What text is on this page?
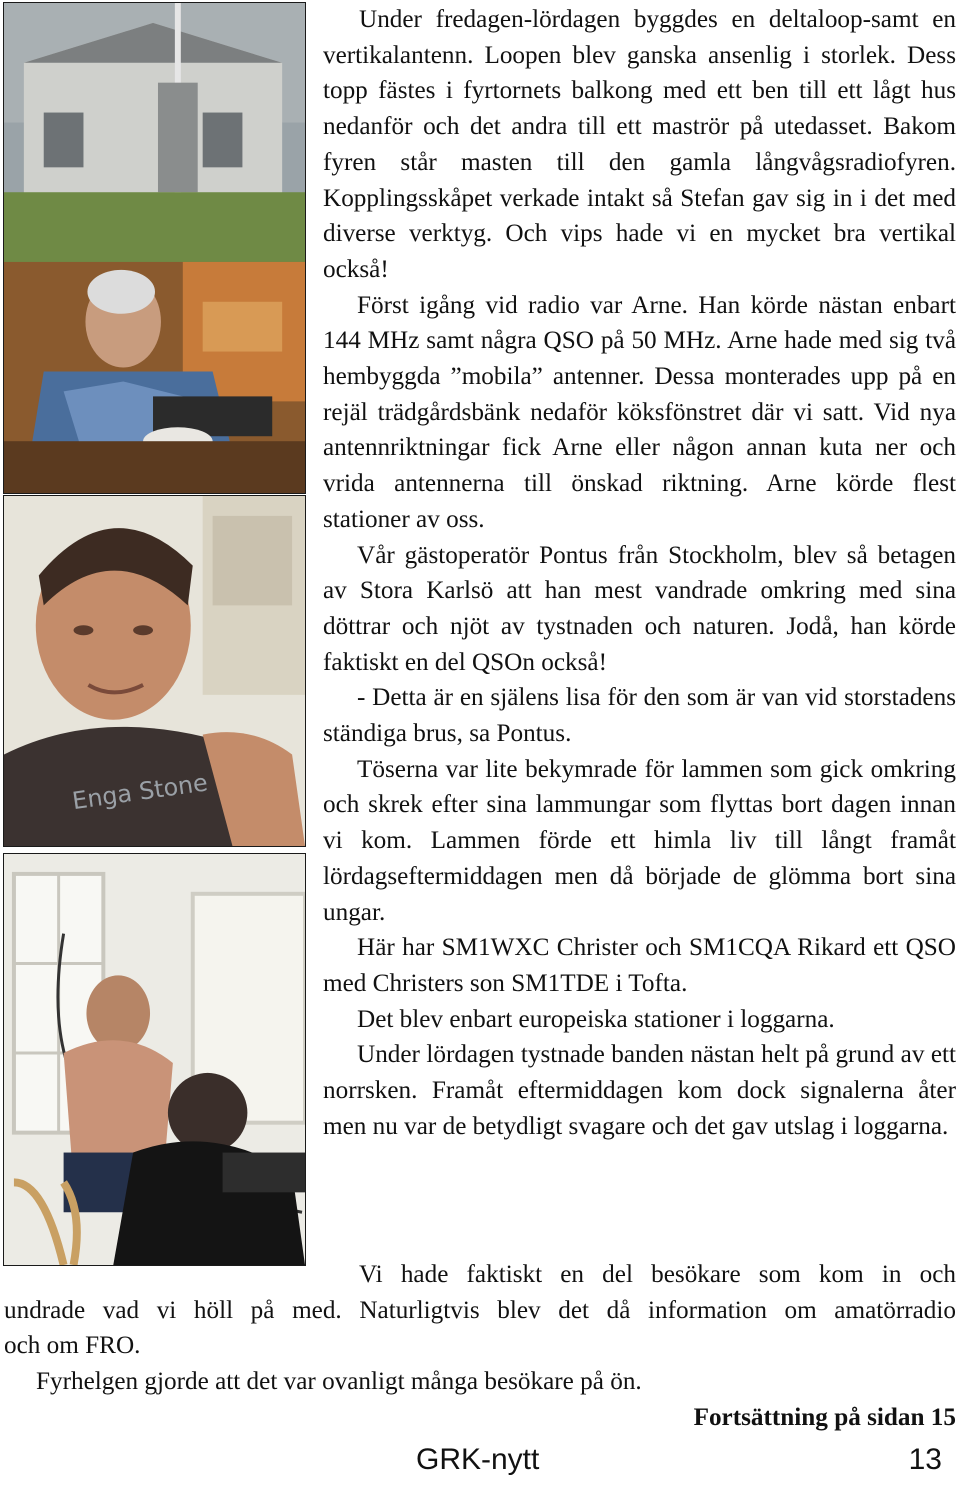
Enga Stone

Under fredagen-lördagen byggdes en deltaloop-samt en vertikalantenn. Loopen blev ganska ansenlig i storlek. Dess topp fästes i fyrtornets balkong med ett ben till ett lågt hus nedanför och det andra till ett maströr på utedasset. Bakom fyren står masten till den gamla långvågsradiofyren. Kopplingsskåpet verkade intakt så Stefan gav sig in i det med diverse verktyg. Och vips hade vi en mycket bra vertikal också!

Först igång vid radio var Arne. Han körde nästan enbart 144 MHz samt några QSO på 50 MHz. Arne hade med sig två hembyggda ”mobila” antenner. Dessa monterades upp på en rejäl trädgårdsbänk nedaför köksfönstret där vi satt. Vid nya antennriktningar fick Arne eller någon annan kuta ner och vrida antennerna till önskad riktning. Arne körde flest stationer av oss.

Vår gästoperatör Pontus från Stockholm, blev så betagen av Stora Karlsö att han mest vandrade omkring med sina döttrar och njöt av tystnaden och naturen. Jodå, han körde faktiskt en del QSOn också!

- Detta är en själens lisa för den som är van vid storstadens ständiga brus, sa Pontus.

Töserna var lite bekymrade för lammen som gick omkring och skrek efter sina lammungar som flyttas bort dagen innan vi kom. Lammen förde ett himla liv till långt framåt lördagseftermiddagen men då började de glömma bort sina ungar.

Här har SM1WXC Christer och SM1CQA Rikard ett QSO med Christers son SM1TDE i Tofta.

Det blev enbart europeiska stationer i loggarna.

Under lördagen tystnade banden nästan helt på grund av ett norrsken. Framåt eftermiddagen kom dock signalerna åter men nu var de betydligt svagare och det gav utslag i loggarna.

Vi hade faktiskt en del besökare som kom in och
undrade vad vi höll på med. Naturligtvis blev det då information om amatörradio
och om FRO.
Fyrhelgen gjorde att det var ovanligt många besökare på ön.
Fortsättning på sidan 15
GRK-nytt	13
